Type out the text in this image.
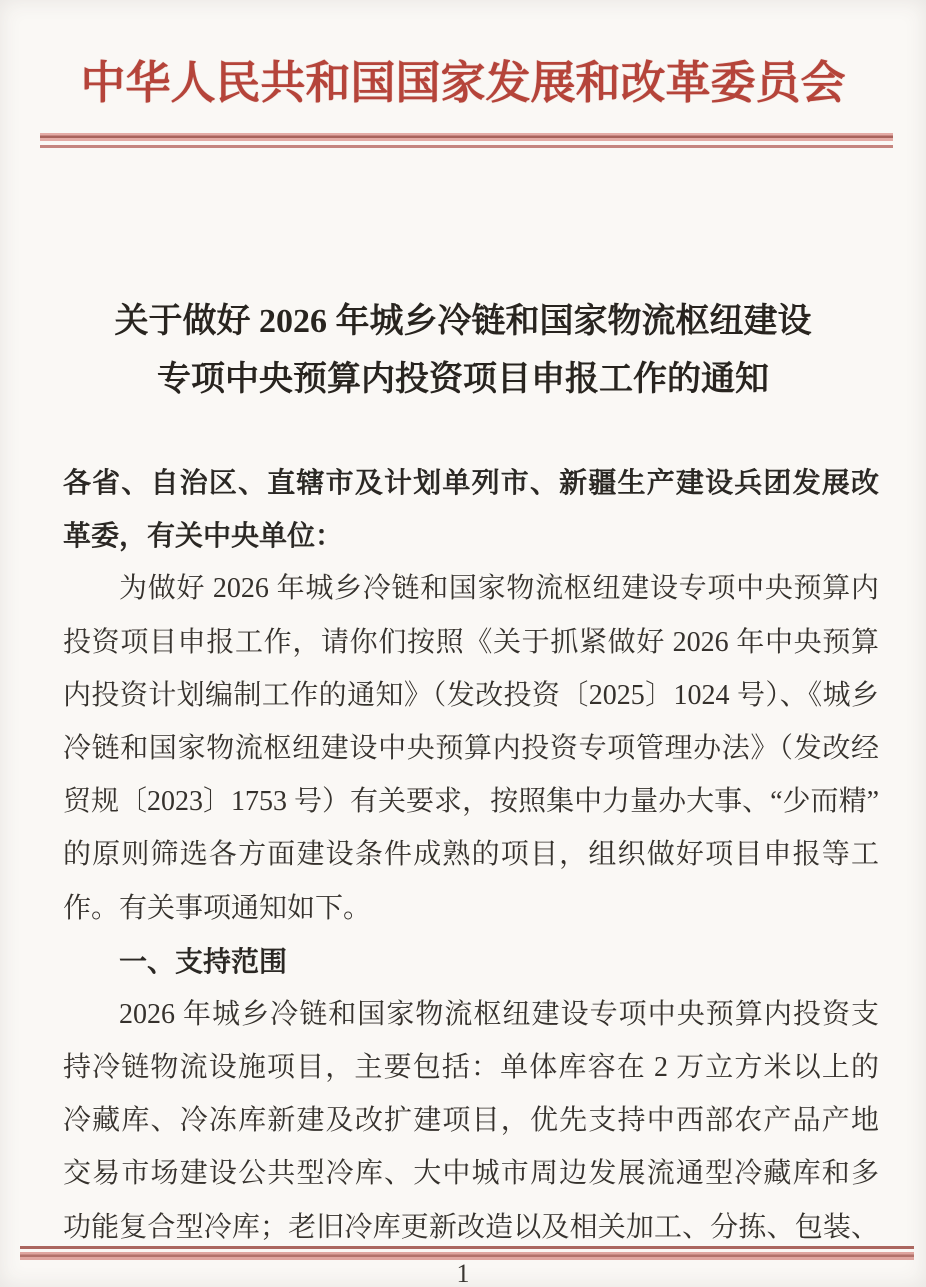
中华人民共和国国家发展和改革委员会
关于做好 2026 年城乡冷链和国家物流枢纽建设
专项中央预算内投资项目申报工作的通知
各省、自治区、直辖市及计划单列市、新疆生产建设兵团发展改
革委，有关中央单位：
为做好 2026 年城乡冷链和国家物流枢纽建设专项中央预算内
投资项目申报工作，请你们按照《关于抓紧做好 2026 年中央预算
内投资计划编制工作的通知》（发改投资〔2025〕1024 号）、《城乡
冷链和国家物流枢纽建设中央预算内投资专项管理办法》（发改经
贸规〔2023〕1753 号）有关要求，按照集中力量办大事、“少而精”
的原则筛选各方面建设条件成熟的项目，组织做好项目申报等工
作。有关事项通知如下。
一、支持范围
2026 年城乡冷链和国家物流枢纽建设专项中央预算内投资支
持冷链物流设施项目，主要包括：单体库容在 2 万立方米以上的
冷藏库、冷冻库新建及改扩建项目，优先支持中西部农产品产地
交易市场建设公共型冷库、大中城市周边发展流通型冷藏库和多
功能复合型冷库；老旧冷库更新改造以及相关加工、分拣、包装、
1
